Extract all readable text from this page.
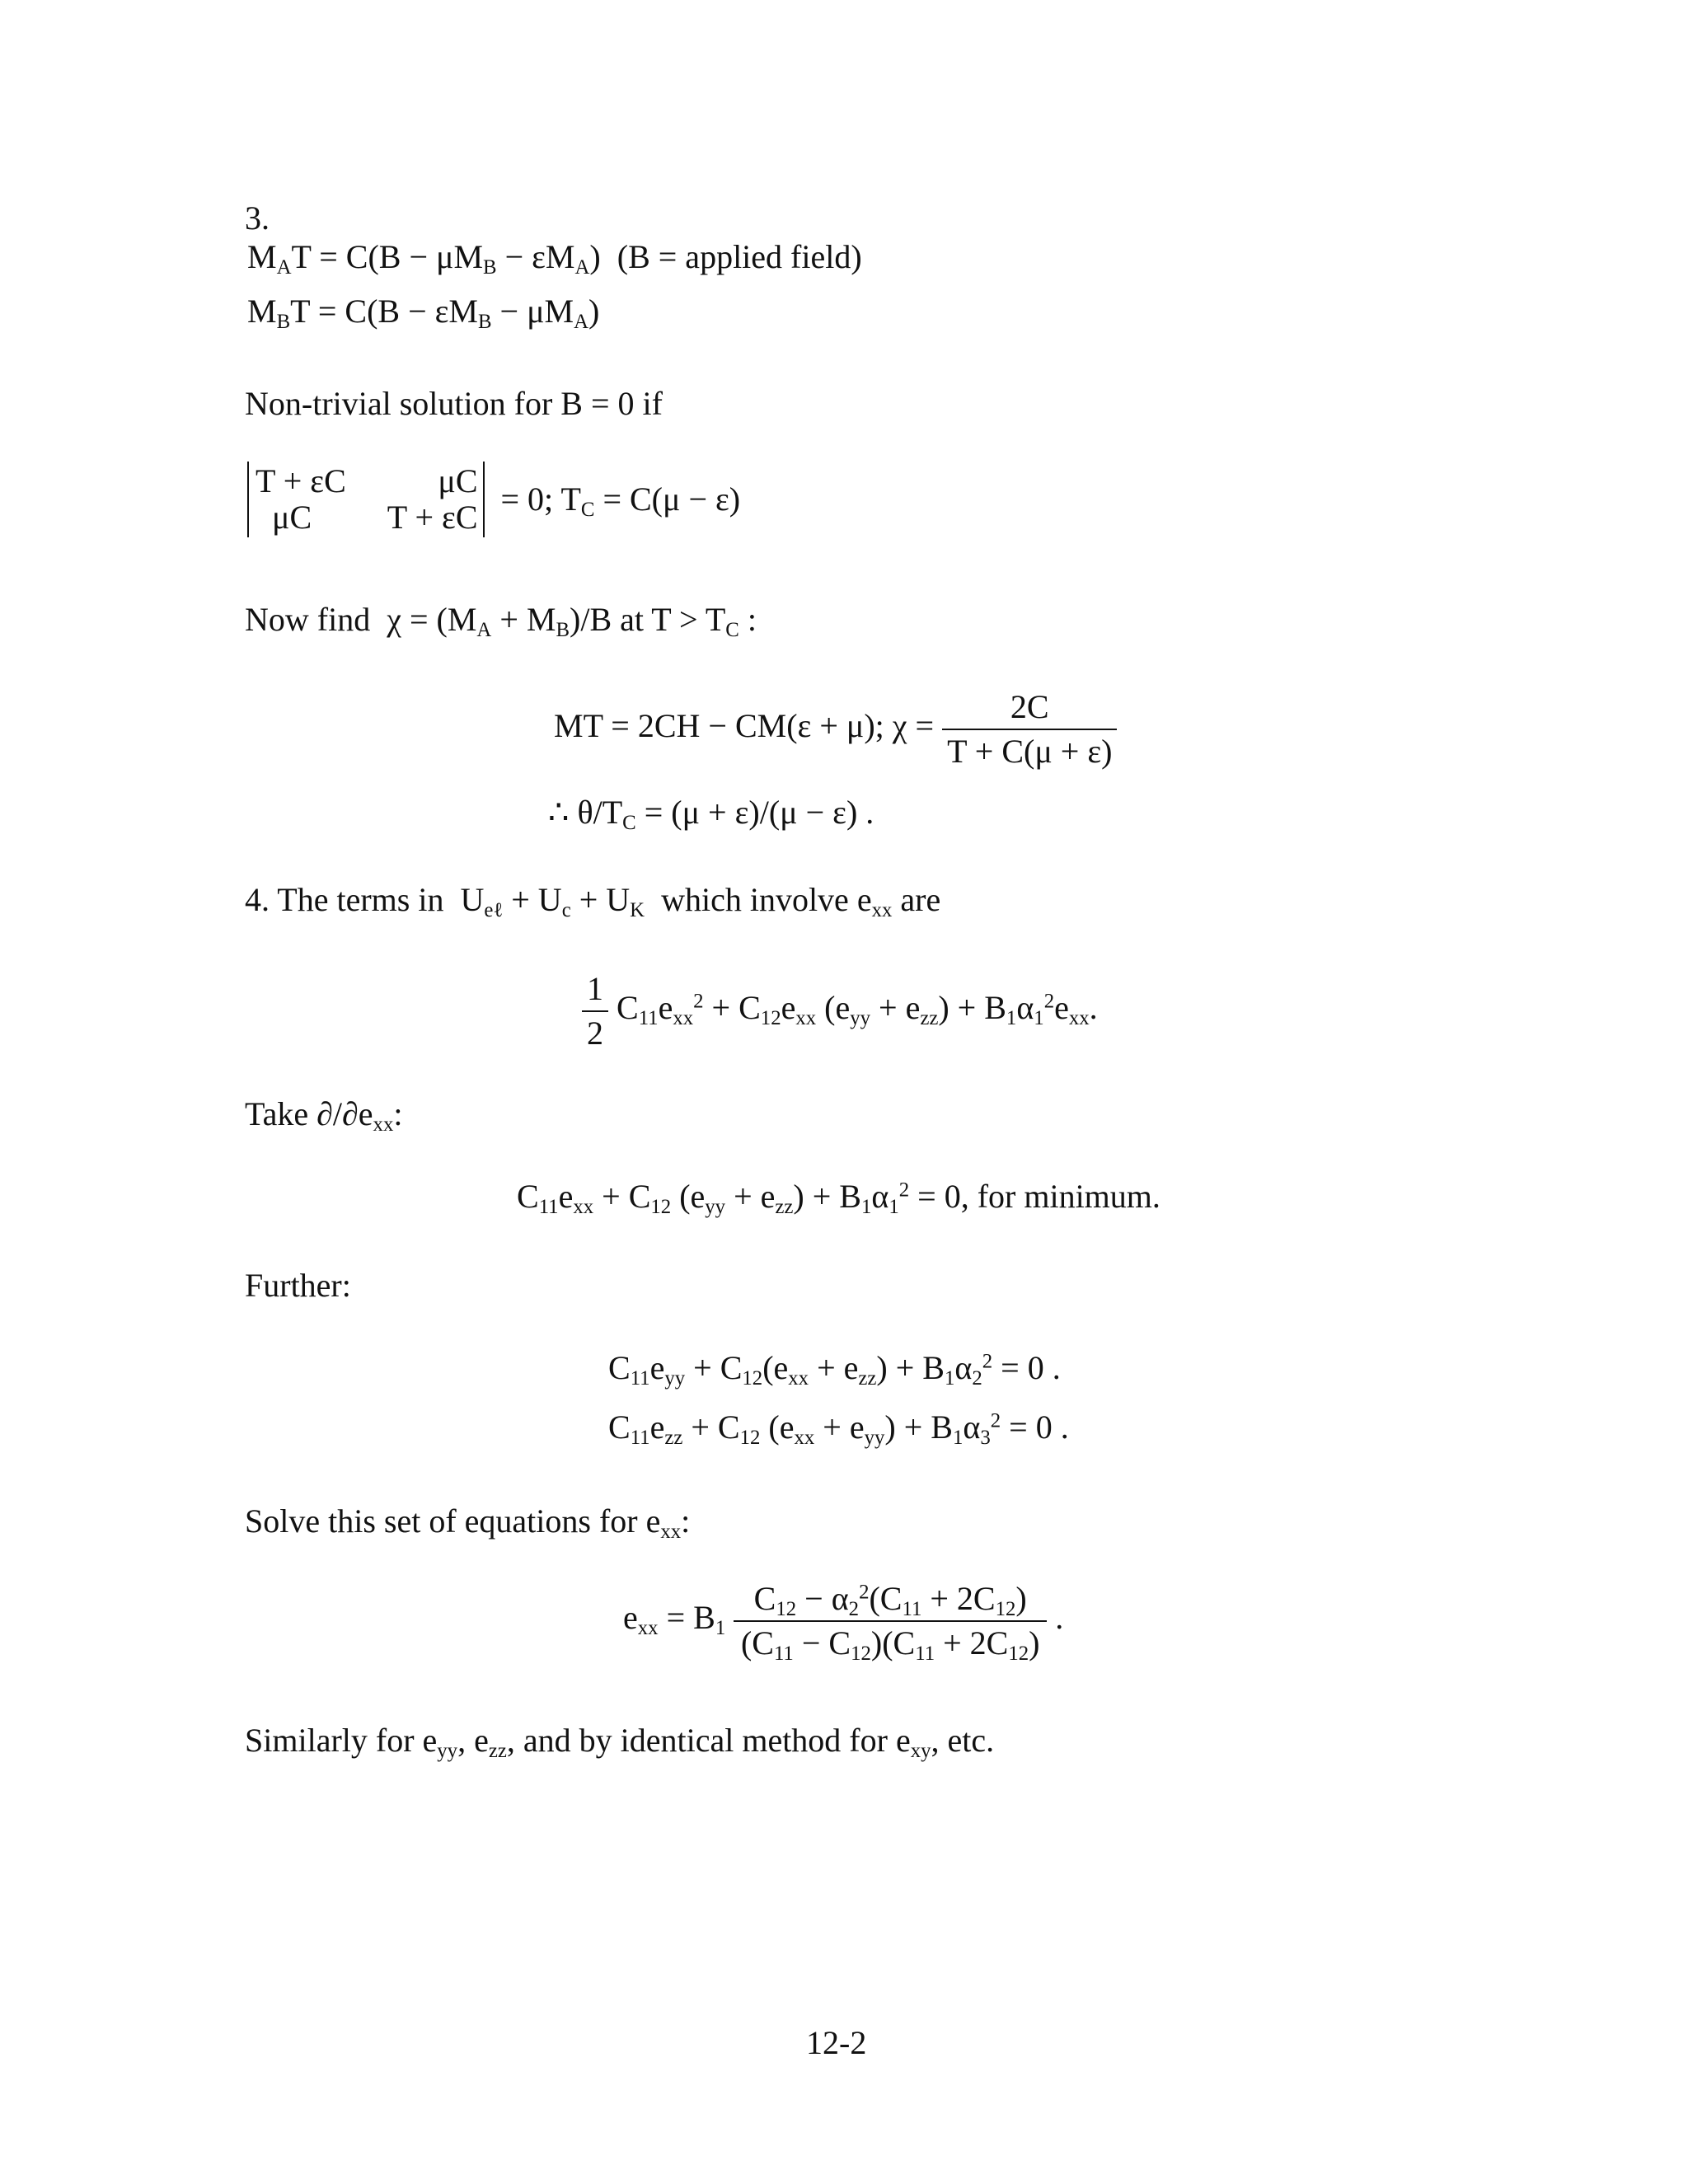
3.
$M_AT = C(B - \mu M_B - \varepsilon M_A) (B$ = applied field)
$M_BT = C(B - \varepsilon M_B - \mu M_A)$
Non-trivial solution for B = 0 if
T + εC	μC
μC	T + εC = 0; $T_C = C(\mu - \varepsilon)$
Now find  $\chi = (M_A + M_B)/B$ at $T > T_C$ :
MT = 2CH − CM(ε + μ); $\chi = \frac{2C}{T + C(\mu + \varepsilon)}$
∴ $\theta/T_C = (\mu + \varepsilon)/(\mu - \varepsilon)$ .
4. The terms in  $U_{e\ell} + U_c + U_K$ which involve $e_{xx}$ are
$\frac{1}{2} C_{11}e_{xx}^2 + C_{12}e_{xx}$ $(e_{yy} + e_{zz}) + B_1\alpha_1^2e_{xx}$.
Take $\partial/\partial e_{xx}$:
$C_{11}e_{xx} + C_{12}$ $(e_{yy} + e_{zz}) + B_1\alpha_1^2 = 0$, for minimum.
Further:
$C_{11}e_{yy} + C_{12}(e_{xx} + e_{zz}) + B_1\alpha_2^2 = 0$ .
$C_{11}e_{zz} + C_{12}$ $(e_{xx} + e_{yy}) + B_1\alpha_3^2 = 0$ .
Solve this set of equations for $e_{xx}$:
$e_{xx} = B_1 \frac{C_{12} - \alpha_2^2(C_{11} + 2C_{12})}{(C_{11} - C_{12})(C_{11} + 2C_{12})}$ .
Similarly for $e_{yy}$, $e_{zz}$, and by identical method for $e_{xy}$, etc.
12-2
